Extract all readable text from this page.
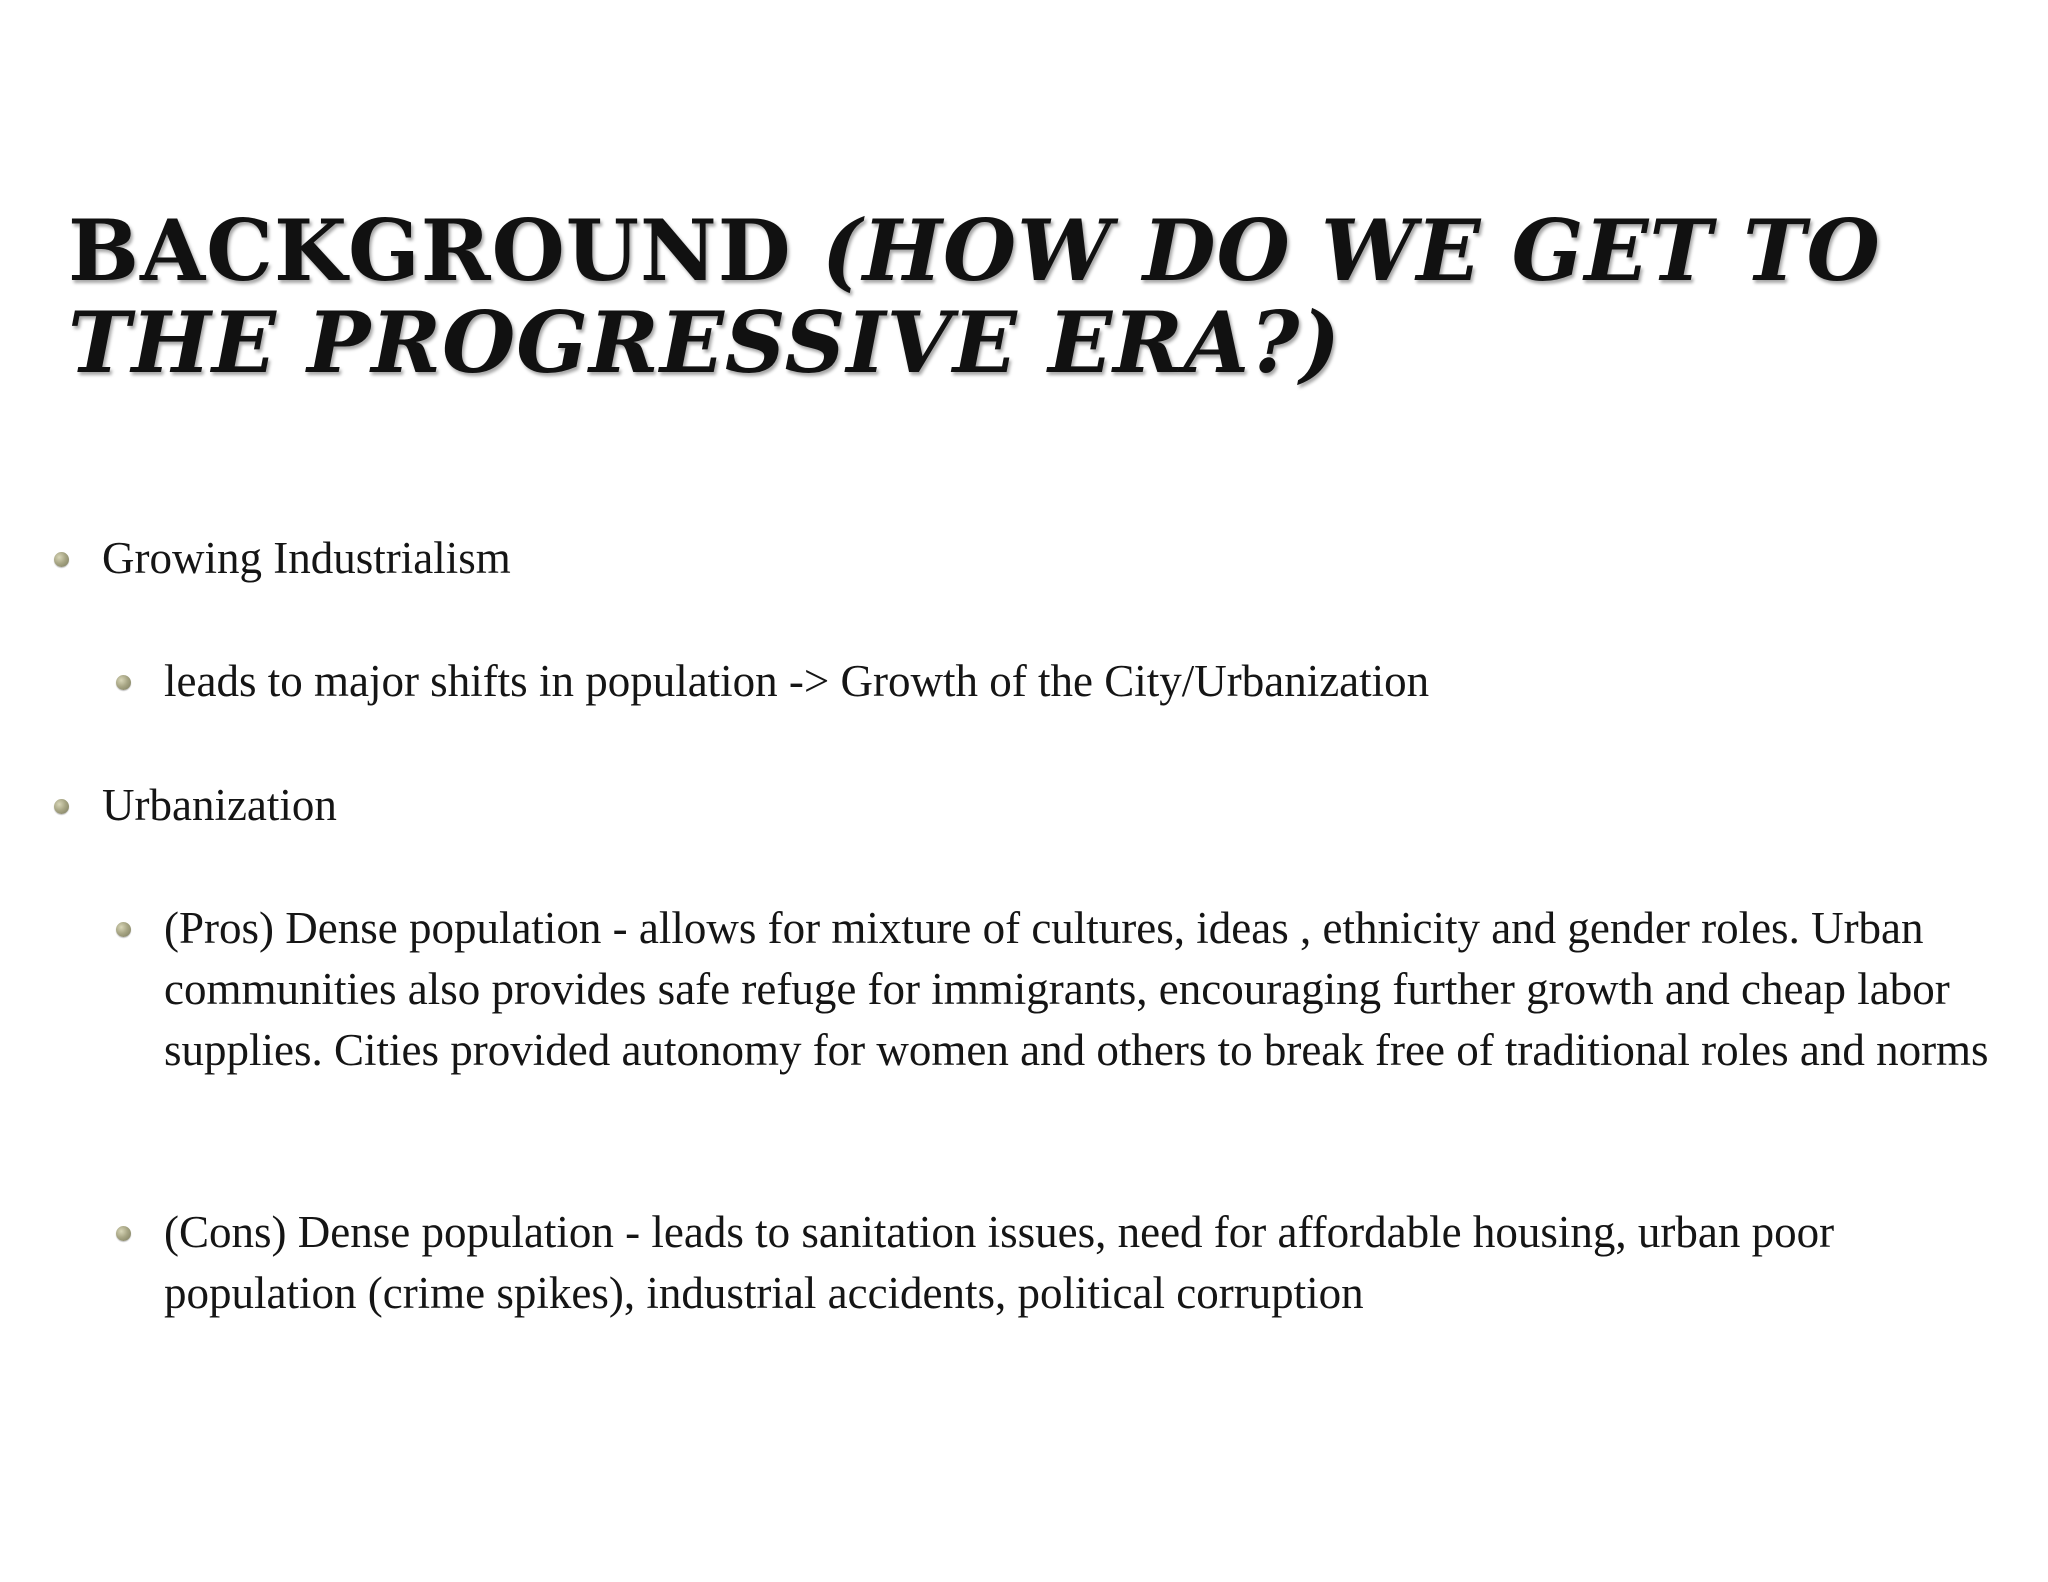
BACKGROUND (HOW DO WE GET TO THE PROGRESSIVE ERA?)
Growing Industrialism
leads to major shifts in population -> Growth of the City/Urbanization
Urbanization
(Pros) Dense population - allows for mixture of cultures, ideas , ethnicity and gender roles. Urban communities also provides safe refuge for immigrants, encouraging further growth and cheap labor supplies. Cities provided autonomy for women and others to break free of traditional roles and norms
(Cons) Dense population - leads to sanitation issues, need for affordable housing, urban poor population (crime spikes), industrial accidents, political corruption
